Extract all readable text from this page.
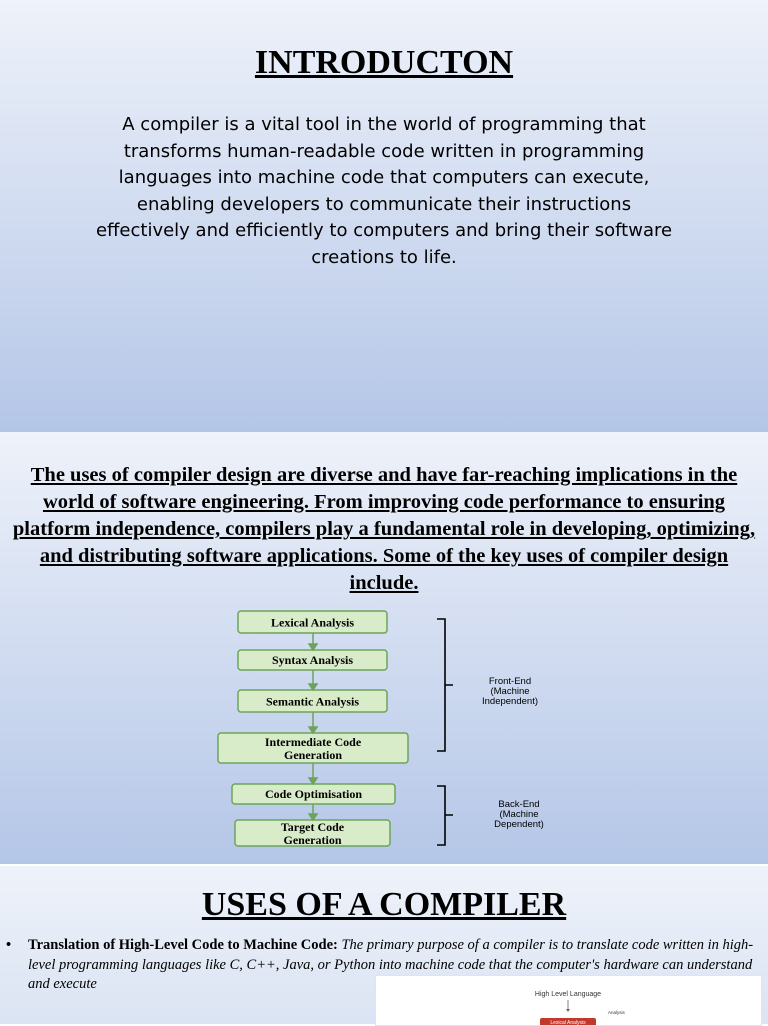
INTRODUCTON
A compiler is a vital tool in the world of programming that transforms human-readable code written in programming languages into machine code that computers can execute, enabling developers to communicate their instructions effectively and efficiently to computers and bring their software creations to life.
The uses of compiler design are diverse and have far-reaching implications in the world of software engineering. From improving code performance to ensuring platform independence, compilers play a fundamental role in developing, optimizing, and distributing software applications. Some of the key uses of compiler design include.
Lexical Analysis
Syntax Analysis
Semantic Analysis
Intermediate Code Generation
Code Optimisation
Target Code Generation
Front-End (Machine Independent)
Back-End (Machine Dependent)
USES OF A COMPILER
• Translation of High-Level Code to Machine Code: The primary purpose of a compiler is to translate code written in high-level programming languages like C, C++, Java, or Python into machine code that the computer's hardware can understand and execute
High Level Language
Analysis
Lexical Analysis
